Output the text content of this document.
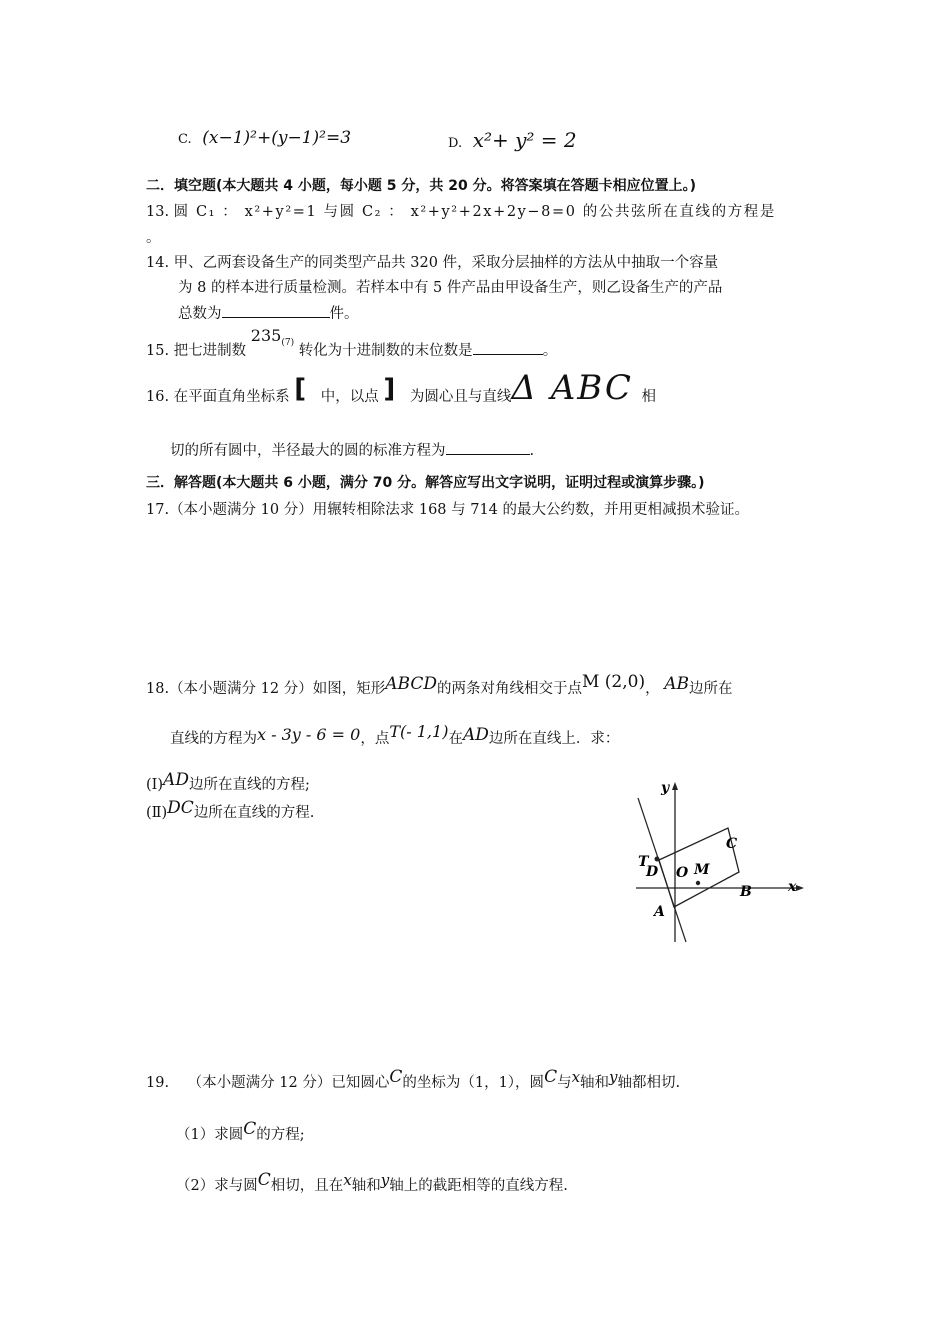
C. (x−1)²+(y−1)²=3	D. x²+ y² = 2
二．填空题(本大题共 4 小题，每小题 5 分，共 20 分。将答案填在答题卡相应位置上。)
13. 圆 C₁ ： x²+y²=1 与圆 C₂ ： x²+y²+2x+2y−8=0 的公共弦所在直线的方程是
。
14. 甲、乙两套设备生产的同类型产品共 320 件，采取分层抽样的方法从中抽取一个容量
为 8 的样本进行质量检测。若样本中有 5 件产品由甲设备生产，则乙设备生产的产品
总数为	件。
15. 把七进制数 235$^{(7)}$ 转化为十进制数的末位数是	。
16. 在平面直角坐标系 [ 中，以点 ] 为圆心且与直线Δ ABC 相
切的所有圆中，半径最大的圆的标准方程为	.
三．解答题(本大题共 6 小题，满分 70 分。解答应写出文字说明，证明过程或演算步骤。)
17.（本小题满分 10 分）用辗转相除法求 168 与 714 的最大公约数，并用更相减损术验证。
18.（本小题满分 12 分）如图，矩形ABCD的两条对角线相交于点M (2,0)， AB边所在
直线的方程为x - 3y - 6 = 0，点T(- 1,1)在AD边所在直线上．求：
(Ⅰ)AD边所在直线的方程;
(Ⅱ)DC边所在直线的方程.
y
x
T
D O M
C
B
A
19. （本小题满分 12 分）已知圆心C的坐标为（1，1），圆C与x轴和y轴都相切.
（1）求圆C的方程;
（2）求与圆C相切，且在x轴和y轴上的截距相等的直线方程.
